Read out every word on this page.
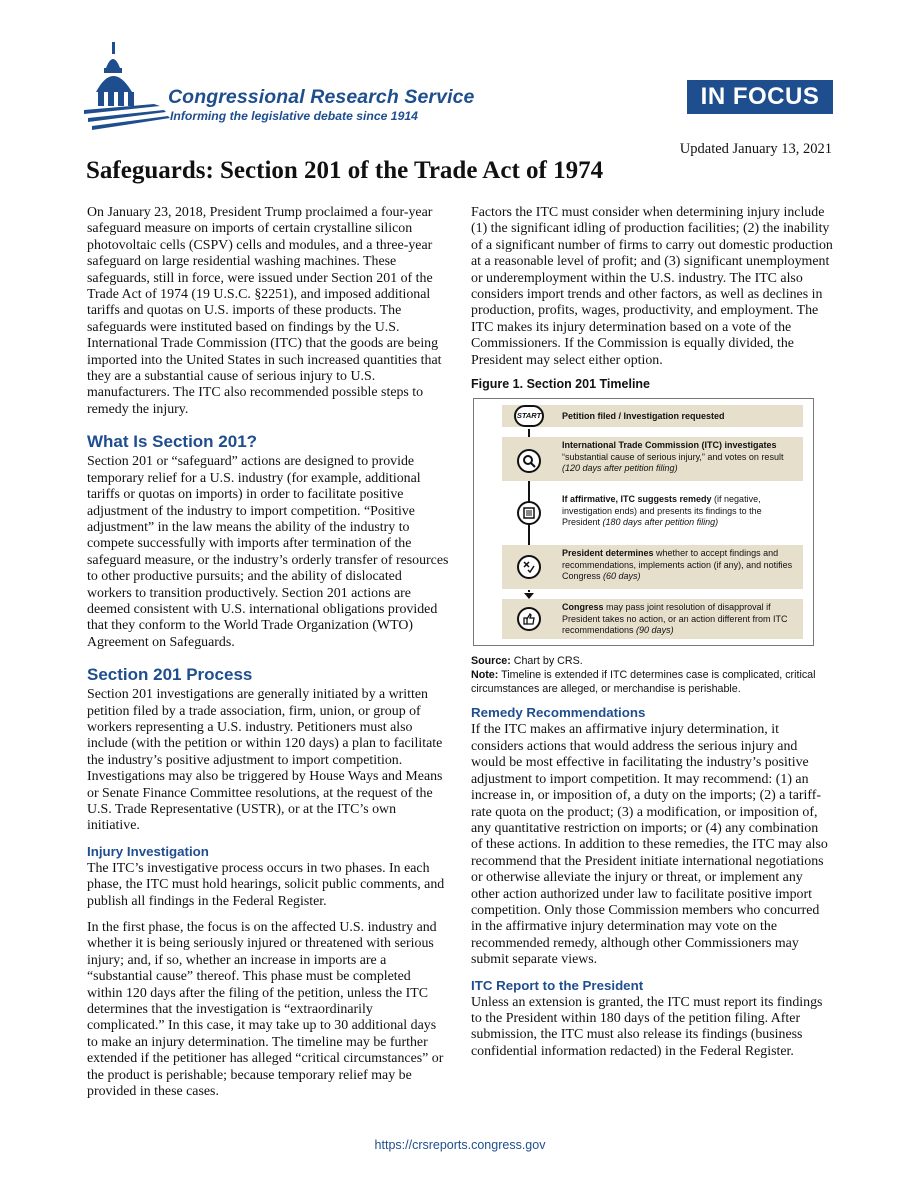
Congressional Research Service
Informing the legislative debate since 1914
IN FOCUS
Updated January 13, 2021
Safeguards: Section 201 of the Trade Act of 1974

On January 23, 2018, President Trump proclaimed a four-year safeguard measure on imports of certain crystalline silicon photovoltaic cells (CSPV) cells and modules, and a three-year safeguard on large residential washing machines. These safeguards, still in force, were issued under Section 201 of the Trade Act of 1974 (19 U.S.C. §2251), and imposed additional tariffs and quotas on U.S. imports of these products. The safeguards were instituted based on findings by the U.S. International Trade Commission (ITC) that the goods are being imported into the United States in such increased quantities that they are a substantial cause of serious injury to U.S. manufacturers. The ITC also recommended possible steps to remedy the injury.

What Is Section 201?

Section 201 or “safeguard” actions are designed to provide temporary relief for a U.S. industry (for example, additional tariffs or quotas on imports) in order to facilitate positive adjustment of the industry to import competition. “Positive adjustment” in the law means the ability of the industry to compete successfully with imports after termination of the safeguard measure, or the industry’s orderly transfer of resources to other productive pursuits; and the ability of dislocated workers to transition productively. Section 201 actions are deemed consistent with U.S. international obligations provided that they conform to the World Trade Organization (WTO) Agreement on Safeguards.

Section 201 Process

Section 201 investigations are generally initiated by a written petition filed by a trade association, firm, union, or group of workers representing a U.S. industry. Petitioners must also include (with the petition or within 120 days) a plan to facilitate the industry’s positive adjustment to import competition. Investigations may also be triggered by House Ways and Means or Senate Finance Committee resolutions, at the request of the U.S. Trade Representative (USTR), or at the ITC’s own initiative.

Injury Investigation

The ITC’s investigative process occurs in two phases. In each phase, the ITC must hold hearings, solicit public comments, and publish all findings in the Federal Register.

In the first phase, the focus is on the affected U.S. industry and whether it is being seriously injured or threatened with serious injury; and, if so, whether an increase in imports are a “substantial cause” thereof. This phase must be completed within 120 days after the filing of the petition, unless the ITC determines that the investigation is “extraordinarily complicated.” In this case, it may take up to 30 additional days to make an injury determination. The timeline may be further extended if the petitioner has alleged “critical circumstances” or the product is perishable; because temporary relief may be provided in these cases.

Factors the ITC must consider when determining injury include (1) the significant idling of production facilities; (2) the inability of a significant number of firms to carry out domestic production at a reasonable level of profit; and (3) significant unemployment or underemployment within the U.S. industry. The ITC also considers import trends and other factors, as well as declines in production, profits, wages, productivity, and employment. The ITC makes its injury determination based on a vote of the Commissioners. If the Commission is equally divided, the President may select either option.

Figure 1. Section 201 Timeline
Petition filed / Investigation requested
International Trade Commission (ITC) investigates
“substantial cause of serious injury,” and votes on result
(120 days after petition filing)
If affirmative, ITC suggests remedy (if negative, investigation ends) and presents its findings to the President (180 days after petition filing)
President determines whether to accept findings and recommendations, implements action (if any), and notifies Congress (60 days)
Congress may pass joint resolution of disapproval if President takes no action, or an action different from ITC recommendations (90 days)
START
Source: Chart by CRS.
Note: Timeline is extended if ITC determines case is complicated, critical circumstances are alleged, or merchandise is perishable.
Remedy Recommendations

If the ITC makes an affirmative injury determination, it considers actions that would address the serious injury and would be most effective in facilitating the industry’s positive adjustment to import competition. It may recommend: (1) an increase in, or imposition of, a duty on the imports; (2) a tariff-rate quota on the product; (3) a modification, or imposition of, any quantitative restriction on imports; or (4) any combination of these actions. In addition to these remedies, the ITC may also recommend that the President initiate international negotiations or otherwise alleviate the injury or threat, or implement any other action authorized under law to facilitate positive import competition. Only those Commission members who concurred in the affirmative injury determination may vote on the recommended remedy, although other Commissioners may submit separate views.

ITC Report to the President

Unless an extension is granted, the ITC must report its findings to the President within 180 days of the petition filing. After submission, the ITC must also release its findings (business confidential information redacted) in the Federal Register.

https://crsreports.congress.gov
